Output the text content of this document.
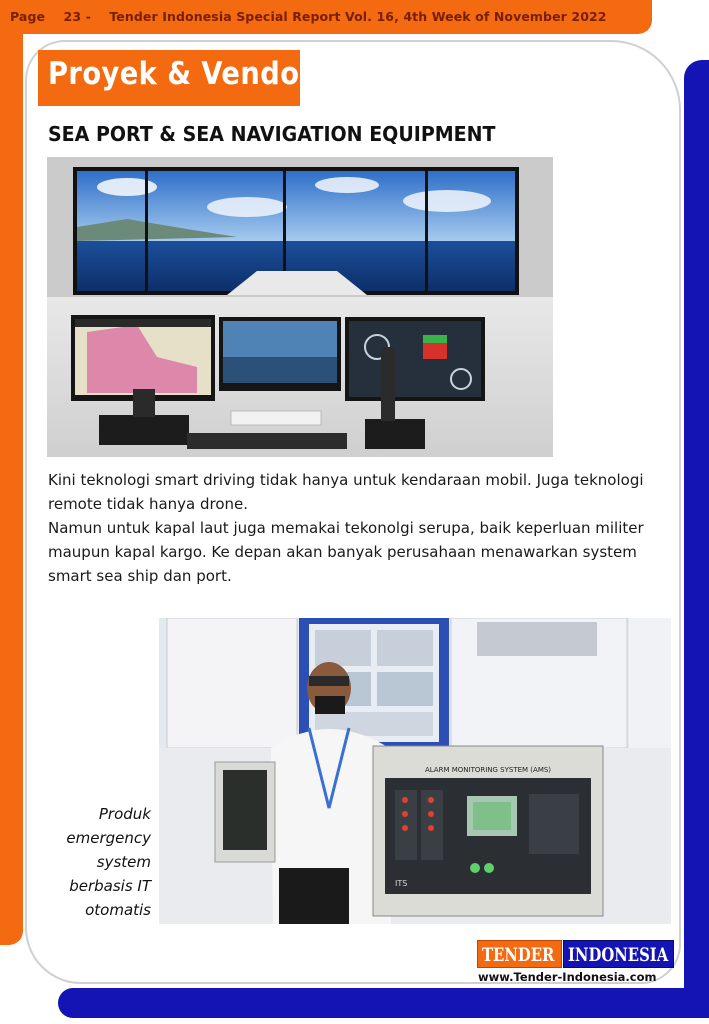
Page 23 - Tender Indonesia Special Report Vol. 16, 4th Week of November 2022
Proyek & Vendor
SEA PORT & SEA NAVIGATION EQUIPMENT

Kini teknologi smart driving tidak hanya untuk kendaraan mobil. Juga teknologi remote tidak hanya drone.

Namun untuk kapal laut juga memakai tekonolgi serupa, baik keperluan militer maupun kapal kargo. Ke depan akan banyak perusahaan menawarkan system smart sea ship dan port.

ALARM MONITORING SYSTEM (AMS)
ITS
Produk emergency system berbasis IT otomatis
TENDER INDONESIA
www.Tender-Indonesia.com
